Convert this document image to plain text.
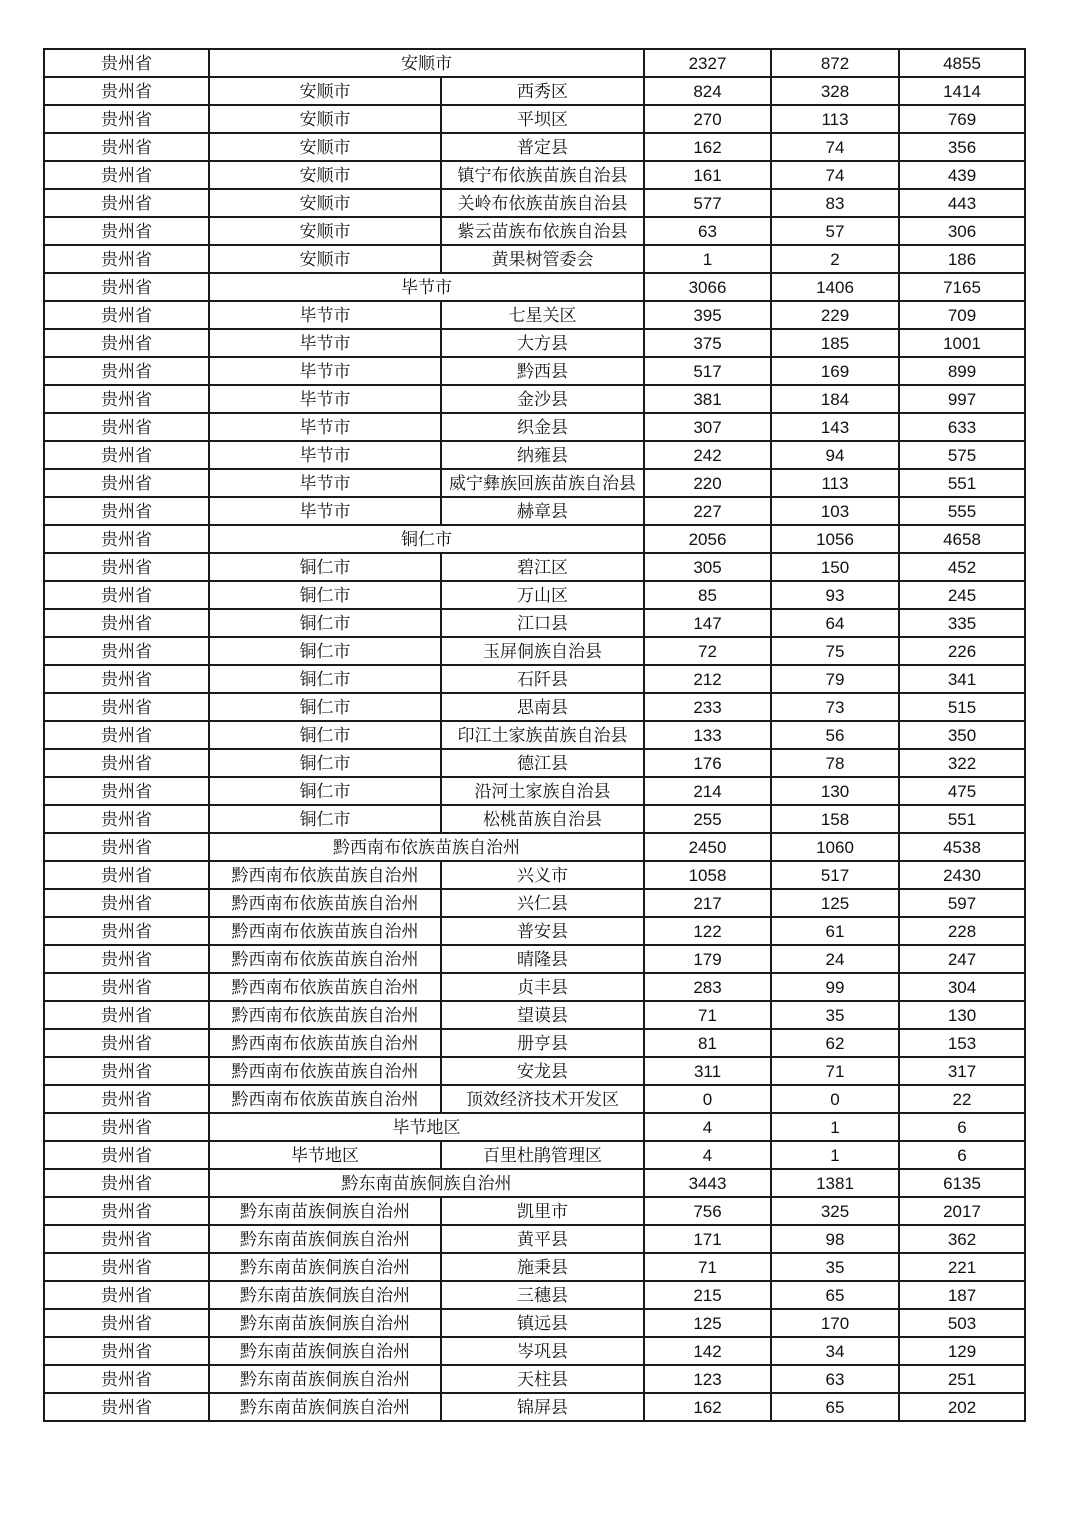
贵州省	安顺市		2327	872	4855
贵州省	安顺市	西秀区	824	328	1414
贵州省	安顺市	平坝区	270	113	769
贵州省	安顺市	普定县	162	74	356
贵州省	安顺市	镇宁布依族苗族自治县	161	74	439
贵州省	安顺市	关岭布依族苗族自治县	577	83	443
贵州省	安顺市	紫云苗族布依族自治县	63	57	306
贵州省	安顺市	黄果树管委会	1	2	186
贵州省	毕节市		3066	1406	7165
贵州省	毕节市	七星关区	395	229	709
贵州省	毕节市	大方县	375	185	1001
贵州省	毕节市	黔西县	517	169	899
贵州省	毕节市	金沙县	381	184	997
贵州省	毕节市	织金县	307	143	633
贵州省	毕节市	纳雍县	242	94	575
贵州省	毕节市	威宁彝族回族苗族自治县	220	113	551
贵州省	毕节市	赫章县	227	103	555
贵州省	铜仁市		2056	1056	4658
贵州省	铜仁市	碧江区	305	150	452
贵州省	铜仁市	万山区	85	93	245
贵州省	铜仁市	江口县	147	64	335
贵州省	铜仁市	玉屏侗族自治县	72	75	226
贵州省	铜仁市	石阡县	212	79	341
贵州省	铜仁市	思南县	233	73	515
贵州省	铜仁市	印江土家族苗族自治县	133	56	350
贵州省	铜仁市	德江县	176	78	322
贵州省	铜仁市	沿河土家族自治县	214	130	475
贵州省	铜仁市	松桃苗族自治县	255	158	551
贵州省	黔西南布依族苗族自治州		2450	1060	4538
贵州省	黔西南布依族苗族自治州	兴义市	1058	517	2430
贵州省	黔西南布依族苗族自治州	兴仁县	217	125	597
贵州省	黔西南布依族苗族自治州	普安县	122	61	228
贵州省	黔西南布依族苗族自治州	晴隆县	179	24	247
贵州省	黔西南布依族苗族自治州	贞丰县	283	99	304
贵州省	黔西南布依族苗族自治州	望谟县	71	35	130
贵州省	黔西南布依族苗族自治州	册亨县	81	62	153
贵州省	黔西南布依族苗族自治州	安龙县	311	71	317
贵州省	黔西南布依族苗族自治州	顶效经济技术开发区	0	0	22
贵州省	毕节地区		4	1	6
贵州省	毕节地区	百里杜鹃管理区	4	1	6
贵州省	黔东南苗族侗族自治州		3443	1381	6135
贵州省	黔东南苗族侗族自治州	凯里市	756	325	2017
贵州省	黔东南苗族侗族自治州	黄平县	171	98	362
贵州省	黔东南苗族侗族自治州	施秉县	71	35	221
贵州省	黔东南苗族侗族自治州	三穗县	215	65	187
贵州省	黔东南苗族侗族自治州	镇远县	125	170	503
贵州省	黔东南苗族侗族自治州	岑巩县	142	34	129
贵州省	黔东南苗族侗族自治州	天柱县	123	63	251
贵州省	黔东南苗族侗族自治州	锦屏县	162	65	202
